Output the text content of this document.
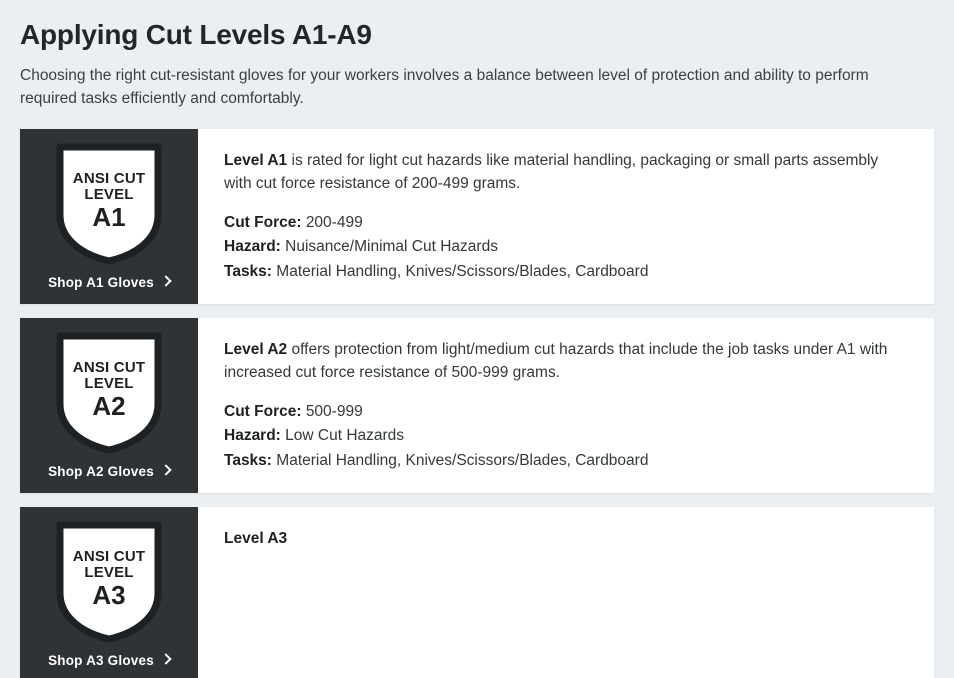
Applying Cut Levels A1-A9

Choosing the right cut-resistant gloves for your workers involves a balance between level of protection and ability to perform required tasks efficiently and comfortably.

ANSI CUT
LEVEL
A1
Shop A1 Gloves

Level A1 is rated for light cut hazards like material handling, packaging or small parts assembly with cut force resistance of 200-499 grams.

Cut Force: 200-499
Hazard: Nuisance/Minimal Cut Hazards
Tasks: Material Handling, Knives/Scissors/Blades, Cardboard
ANSI CUT
LEVEL
A2
Shop A2 Gloves

Level A2 offers protection from light/medium cut hazards that include the job tasks under A1 with increased cut force resistance of 500-999 grams.

Cut Force: 500-999
Hazard: Low Cut Hazards
Tasks: Material Handling, Knives/Scissors/Blades, Cardboard
ANSI CUT
LEVEL
A3
Shop A3 Gloves

Level A3
